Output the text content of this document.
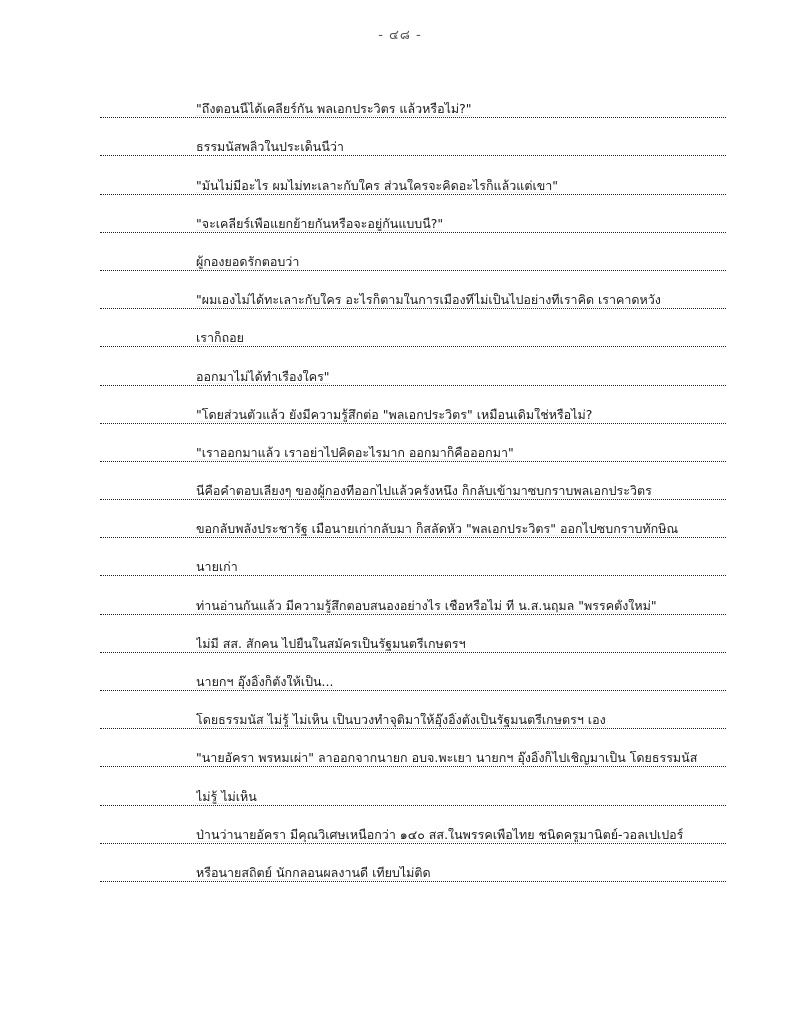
- ๔๘ -
"ถึงตอนนี้ได้เคลียร์กัน พลเอกประวิตร แล้วหรือไม่?"
ธรรมนัสพลิ้วในประเด็นนี้ว่า
"มันไม่มีอะไร ผมไม่ทะเลาะกับใคร ส่วนใครจะคิดอะไรก็แล้วแต่เขา"
"จะเคลียร์เพื่อแยกย้ายกันหรือจะอยู่กันแบบนี้?"
ผู้กองยอดรักตอบว่า
"ผมเองไม่ได้ทะเลาะกับใคร อะไรก็ตามในการเมืองที่ไม่เป็นไปอย่างที่เราคิด เราคาดหวัง
เราก็ถอย
ออกมาไม่ได้ทำเรื่องใคร"
"โดยส่วนตัวแล้ว ยังมีความรู้สึกต่อ "พลเอกประวิตร" เหมือนเดิมใช่หรือไม่?
"เราออกมาแล้ว เราอย่าไปคิดอะไรมาก ออกมาก็คือออกมา"
นี่คือคำตอบเลี่ยงๆ ของผู้กองที่ออกไปแล้วครั้งหนึ่ง ก็กลับเข้ามาซบกราบพลเอกประวิตร
ขอกลับพลังประชารัฐ เมื่อนายเก่ากลับมา ก็สลัดหัว "พลเอกประวิตร" ออกไปซบกราบทักษิณ
นายเก่า
ท่านอ่านกันแล้ว มีความรู้สึกตอบสนองอย่างไร เชื่อหรือไม่ ที่ น.ส.นฤมล "พรรคตั้งใหม่"
ไม่มี สส. สักคน ไปยื่นในสมัครเป็นรัฐมนตรีเกษตรฯ
นายกฯ อุ๊งอิ๊งก็ตั้งให้เป็น...
โดยธรรมนัส ไม่รู้ ไม่เห็น เป็นบวงทำจุติมาให้อุ๊งอิ๊งตั้งเป็นรัฐมนตรีเกษตรฯ เอง
"นายอัครา พรหมเผ่า" ลาออกจากนายก อบจ.พะเยา นายกฯ อุ๊งอิ๊งก็ไปเชิญมาเป็น โดยธรรมนัส
ไม่รู้ ไม่เห็น
ป่านว่านายอัครา มีคุณวิเศษเหนือกว่า ๑๔๐ สส.ในพรรคเพื่อไทย ชนิดครูมานิตย์-วอลเปเปอร์
หรือนายสถิตย์ นักกลอนผลงานดี เทียบไม่ติด
